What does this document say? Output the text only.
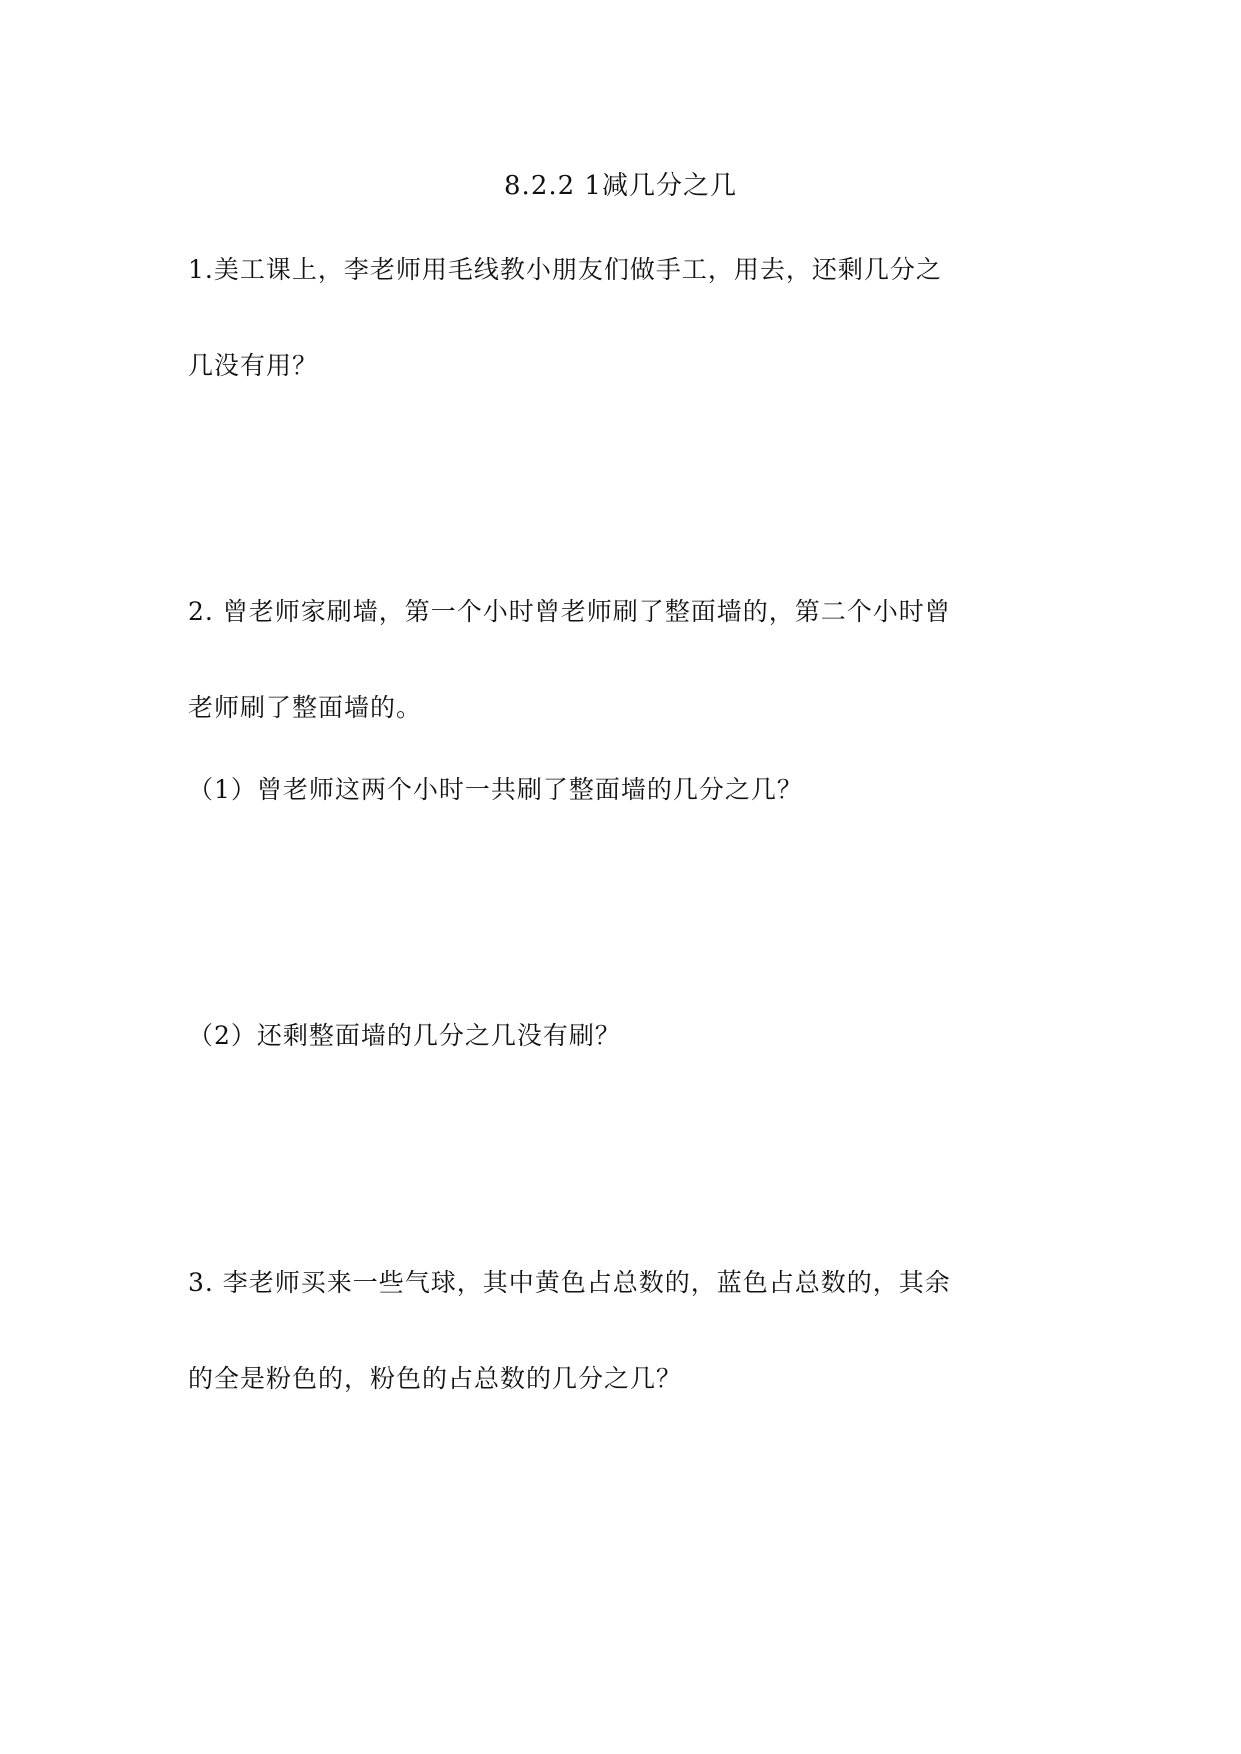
8.2.2 1减几分之几
1.美工课上，李老师用毛线教小朋友们做手工，用去，还剩几分之
几没有用？
2. 曾老师家刷墙，第一个小时曾老师刷了整面墙的，第二个小时曾
老师刷了整面墙的。
（1）曾老师这两个小时一共刷了整面墙的几分之几？
（2）还剩整面墙的几分之几没有刷？
3. 李老师买来一些气球，其中黄色占总数的，蓝色占总数的，其余
的全是粉色的，粉色的占总数的几分之几？
